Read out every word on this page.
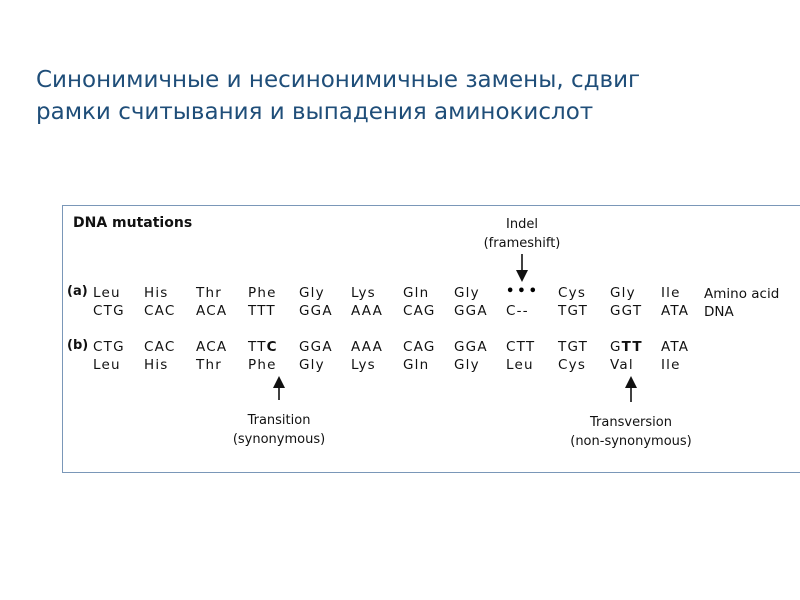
Синонимичные и несинонимичные замены, сдвиг
рамки считывания и выпадения аминокислот
DNA mutations	Indel
(frameshift)
(a) Leu His Thr Phe Gly Lys Gln Gly ••• Cys Gly Ile Amino acid
CTG CAC ACA TTT GGA AAA CAG GGA C-- TGT GGT ATA DNA
(b) CTG CAC ACA TTC GGA AAA CAG GGA CTT TGT GTT ATA
Leu His Thr Phe Gly Lys Gln Gly Leu Cys Val Ile
Transition
(synonymous)
Transversion
(non-synonymous)
